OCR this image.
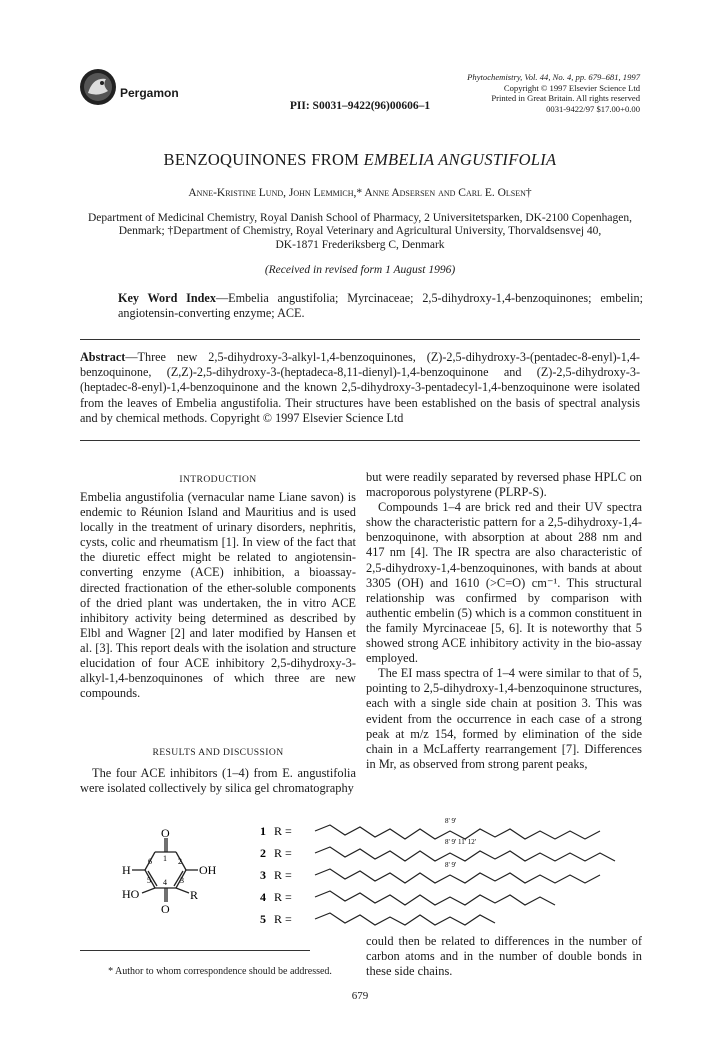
Pergamon
Phytochemistry, Vol. 44, No. 4, pp. 679–681, 1997
Copyright © 1997 Elsevier Science Ltd
Printed in Great Britain. All rights reserved
0031-9422/97 $17.00+0.00
PII: S0031–9422(96)00606–1
BENZOQUINONES FROM EMBELIA ANGUSTIFOLIA
Anne-Kristine Lund, John Lemmich,* Anne Adsersen and Carl E. Olsen†
Department of Medicinal Chemistry, Royal Danish School of Pharmacy, 2 Universitetsparken, DK-2100 Copenhagen,
Denmark; †Department of Chemistry, Royal Veterinary and Agricultural University, Thorvaldsensvej 40,
DK-1871 Frederiksberg C, Denmark
(Received in revised form 1 August 1996)
Key Word Index—Embelia angustifolia; Myrcinaceae; 2,5-dihydroxy-1,4-benzoquinones; embelin; angiotensin-converting enzyme; ACE.
Abstract—Three new 2,5-dihydroxy-3-alkyl-1,4-benzoquinones, (Z)-2,5-dihydroxy-3-(pentadec-8-enyl)-1,4-benzoquinone, (Z,Z)-2,5-dihydroxy-3-(heptadeca-8,11-dienyl)-1,4-benzoquinone and (Z)-2,5-dihydroxy-3-(heptadec-8-enyl)-1,4-benzoquinone and the known 2,5-dihydroxy-3-pentadecyl-1,4-benzoquinone were isolated from the leaves of Embelia angustifolia. Their structures have been established on the basis of spectral analysis and by chemical methods. Copyright © 1997 Elsevier Science Ltd
INTRODUCTION
Embelia angustifolia (vernacular name Liane savon) is endemic to Réunion Island and Mauritius and is used locally in the treatment of urinary disorders, nephritis, cysts, colic and rheumatism [1]. In view of the fact that the diuretic effect might be related to angiotensin-converting enzyme (ACE) inhibition, a bioassay-directed fractionation of the ether-soluble components of the dried plant was undertaken, the in vitro ACE inhibitory activity being determined as described by Elbl and Wagner [2] and later modified by Hansen et al. [3]. This report deals with the isolation and structure elucidation of four ACE inhibitory 2,5-dihydroxy-3-alkyl-1,4-benzoquinones of which three are new compounds.
RESULTS AND DISCUSSION
The four ACE inhibitors (1–4) from E. angustifolia were isolated collectively by silica gel chromatography

but were readily separated by reversed phase HPLC on macroporous polystyrene (PLRP-S).

Compounds 1–4 are brick red and their UV spectra show the characteristic pattern for a 2,5-dihydroxy-1,4-benzoquinone, with absorption at about 288 nm and 417 nm [4]. The IR spectra are also characteristic of 2,5-dihydroxy-1,4-benzoquinones, with bands at about 3305 (OH) and 1610 (>C=O) cm⁻¹. This structural relationship was confirmed by comparison with authentic embelin (5) which is a common constituent in the family Myrcinaceae [5, 6]. It is noteworthy that 5 showed strong ACE inhibitory activity in the bio-assay employed.

The EI mass spectra of 1–4 were similar to that of 5, pointing to 2,5-dihydroxy-1,4-benzoquinone structures, each with a single side chain at position 3. This was evident from the occurrence in each case of a strong peak at m/z 154, formed by elimination of the side chain in a McLafferty rearrangement [7]. Differences in Mr, as observed from strong parent peaks,

O
H	OH
HO	R
O
1 2
3
4
5
6
1 R =
8' 9'
2 R =
8' 9' 11' 12'
3 R =
8' 9'
4 R =
5 R =
could then be related to differences in the number of carbon atoms and in the number of double bonds in these side chains.
* Author to whom correspondence should be addressed.
679
